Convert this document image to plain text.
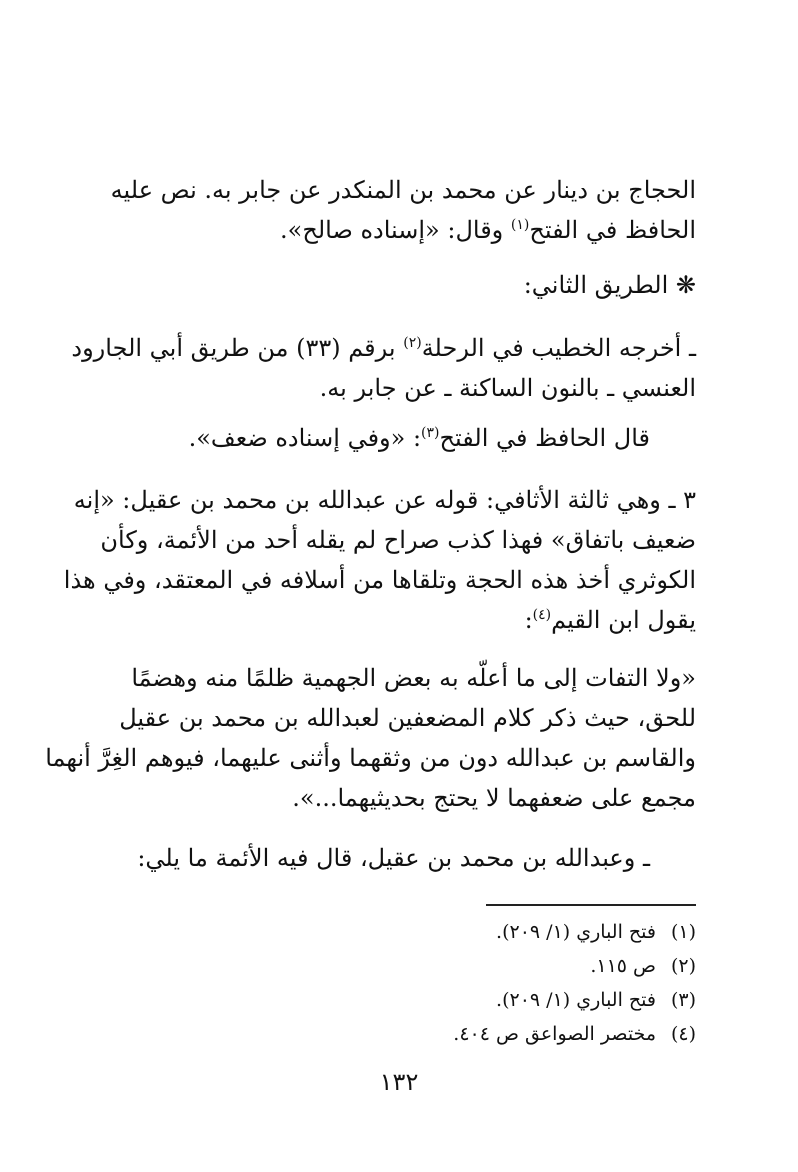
الحجاج بن دينار عن محمد بن المنكدر عن جابر به. نص عليه
الحافظ في الفتح$^{(١)}$ وقال: «إسناده صالح».
❋ الطريق الثاني:
ـ أخرجه الخطيب في الرحلة$^{(٢)}$ برقم (٣٣) من طريق أبي الجارود
العنسي ـ بالنون الساكنة ـ عن جابر به.
قال الحافظ في الفتح$^{(٣)}$: «وفي إسناده ضعف».
٣ ـ وهي ثالثة الأثافي: قوله عن عبدالله بن محمد بن عقيل: «إنه
ضعيف باتفاق» فهذا كذب صراح لم يقله أحد من الأئمة، وكأن
الكوثري أخذ هذه الحجة وتلقاها من أسلافه في المعتقد، وفي هذا
يقول ابن القيم$^{(٤)}$:
«ولا التفات إلى ما أعلّه به بعض الجهمية ظلمًا منه وهضمًا
للحق، حيث ذكر كلام المضعفين لعبدالله بن محمد بن عقيل
والقاسم بن عبدالله دون من وثقهما وأثنى عليهما، فيوهم الغِرَّ أنهما
مجمع على ضعفهما لا يحتج بحديثيهما...».
ـ وعبدالله بن محمد بن عقيل، قال فيه الأئمة ما يلي:
(١)فتح الباري (١/ ٢٠٩).
(٢)ص ١١٥.
(٣)فتح الباري (١/ ٢٠٩).
(٤)مختصر الصواعق ص ٤٠٤.
١٣٢
